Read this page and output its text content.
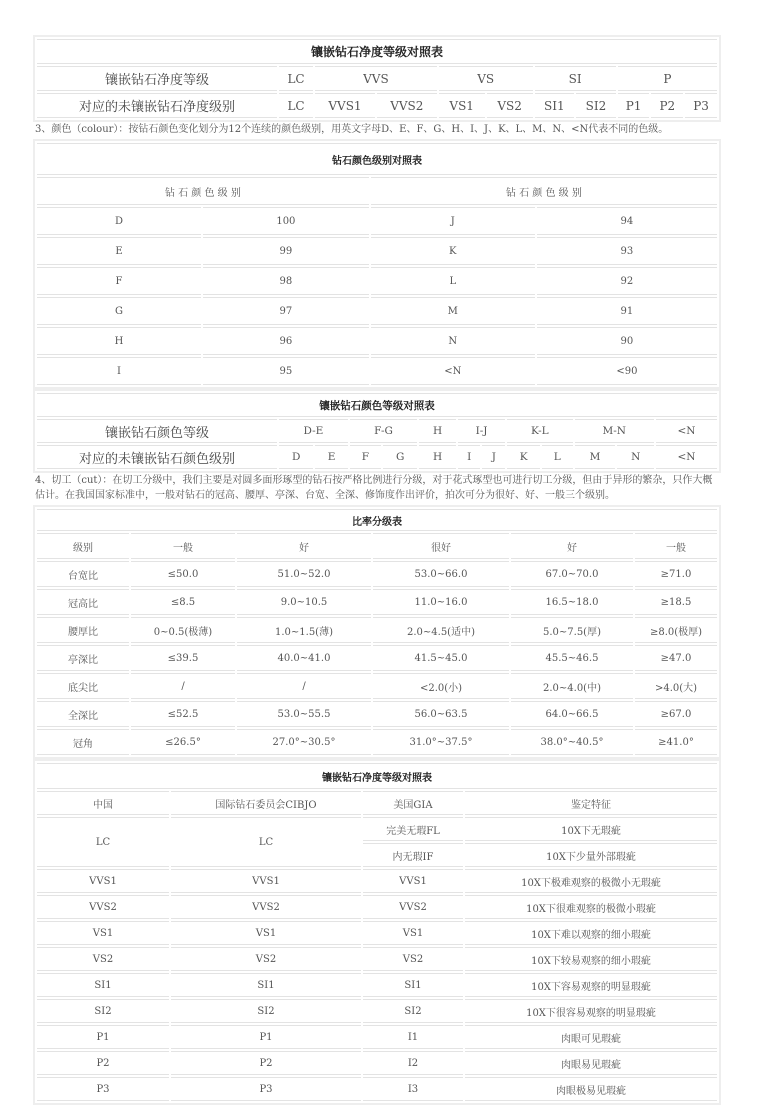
镶嵌钻石净度等级对照表										
镶嵌钻石净度等级	LC	VVS		VS		SI		P		
对应的未镶嵌钻石净度级别	LC	VVS1	VVS2	VS1	VS2	SI1	SI2	P1	P2	P3
3、颜色（colour）：按钻石颜色变化划分为12个连续的颜色级别，用英文字母D、E、F、G、H、I、J、K、L、M、N、<N代表不同的色级。
钻石颜色级别对照表			
钻 石 颜 色 级 别		钻 石 颜 色 级 别	
D	100	J	94
E	99	K	93
F	98	L	92
G	97	M	91
H	96	N	90
I	95	<N	<90
镶嵌钻石颜色等级对照表												
镶嵌钻石颜色等级	D-E		F-G		H	I-J		K-L		M-N		<N
对应的未镶嵌钻石颜色级别	D	E	F	G	H	I	J	K	L	M	N	<N
4、切工（cut）：在切工分级中，我们主要是对圆多面形琢型的钻石按严格比例进行分级，对于花式琢型也可进行切工分级，但由于异形的繁杂，只作大概估计。在我国国家标准中，一般对钻石的冠高、腰厚、亭深、台宽、全深、修饰度作出评价，拍次可分为很好、好、一般三个级别。
比率分级表					
级别	一般	好	很好	好	一般
台宽比	≤50.0	51.0~52.0	53.0~66.0	67.0~70.0	≥71.0
冠高比	≤8.5	9.0~10.5	11.0~16.0	16.5~18.0	≥18.5
腰厚比	0~0.5(极薄)	1.0~1.5(薄)	2.0~4.5(适中)	5.0~7.5(厚)	≥8.0(极厚)
亭深比	≤39.5	40.0~41.0	41.5~45.0	45.5~46.5	≥47.0
底尖比	/	/	<2.0(小)	2.0~4.0(中)	>4.0(大)
全深比	≤52.5	53.0~55.5	56.0~63.5	64.0~66.5	≥67.0
冠角	≤26.5°	27.0°~30.5°	31.0°~37.5°	38.0°~40.5°	≥41.0°
镶嵌钻石净度等级对照表			
中国	国际钻石委员会CIBJO	美国GIA	鉴定特征
LC	LC	完美无瑕FL	10X下无瑕疵
		内无瑕IF	10X下少量外部瑕疵
VVS1	VVS1	VVS1	10X下极难观察的极微小无瑕疵
VVS2	VVS2	VVS2	10X下很难观察的极微小瑕疵
VS1	VS1	VS1	10X下难以观察的细小瑕疵
VS2	VS2	VS2	10X下较易观察的细小瑕疵
SI1	SI1	SI1	10X下容易观察的明显瑕疵
SI2	SI2	SI2	10X下很容易观察的明显瑕疵
P1	P1	I1	肉眼可见瑕疵
P2	P2	I2	肉眼易见瑕疵
P3	P3	I3	肉眼极易见瑕疵
